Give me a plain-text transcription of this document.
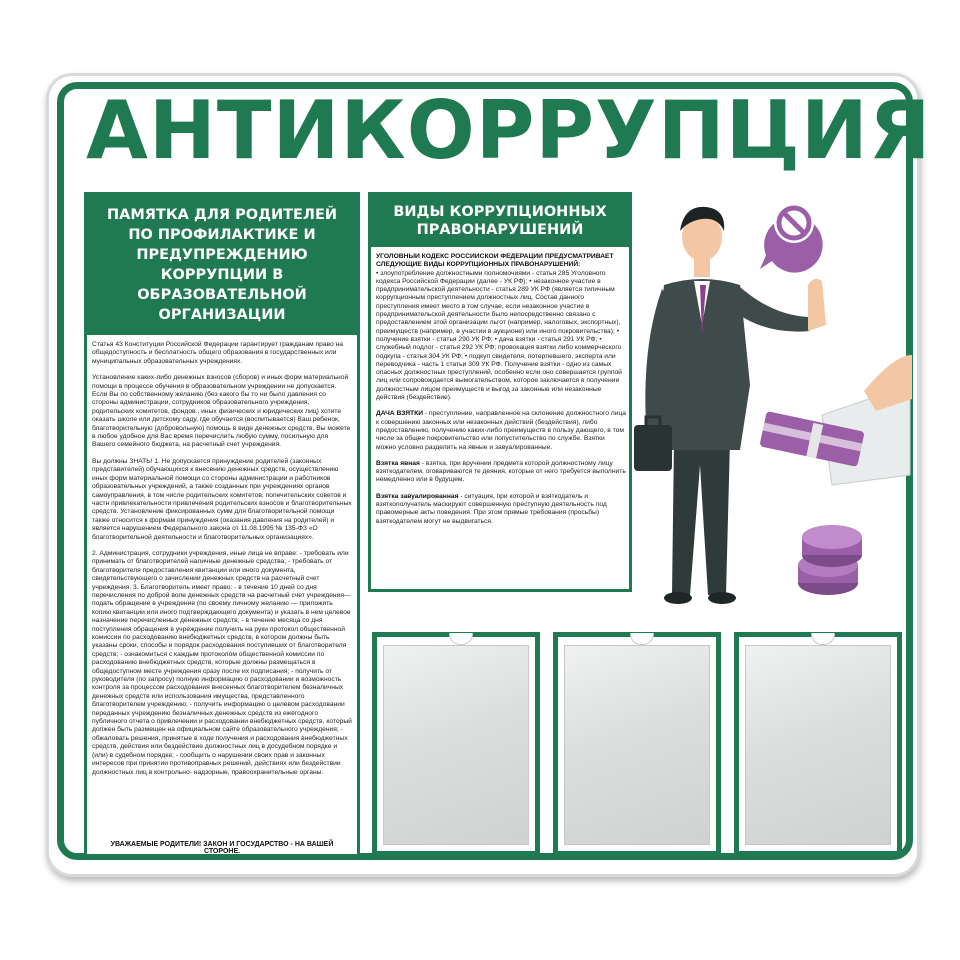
АНТИКОРРУПЦИЯ
ПАМЯТКА ДЛЯ РОДИТЕЛЕЙ ПО ПРОФИЛАКТИКЕ И ПРЕДУПРЕЖДЕНИЮ КОРРУПЦИИ В ОБРАЗОВАТЕЛЬНОЙ ОРГАНИЗАЦИИ

Статья 43 Конституции Российской Федерации гарантирует гражданам право на общедоступность и бесплатность общего образования в государственных или муниципальных образовательных учреждениях.

Установление каких-либо денежных взносов (сборов) и иных форм материальной помощи в процессе обучения в образовательном учреждении не допускается. Если Вы по собственному желанию (без какого бы то ни было давления со стороны администрации, сотрудников образовательного учреждения, родительских комитетов, фондов., иных физических и юридических лиц) хотите оказать школе или детскому саду, где обучается (воспитывается) Ваш ребенок, благотворительную (добровольную) помощь в виде денежных средств, Вы можете в любое удобное для Вас время перечислить любую сумму, посильную для Вашего семейного бюджета, на расчетный счет учреждения.

Вы должны ЗНАТЬ! 1. Не допускается принуждение родителей (законных представителей) обучающихся к внесению денежных средств, осуществлению иных форм материальной помощи со стороны администрации и работников образовательных учреждений, а также созданных при учреждениях органов самоуправления, в том числе родительских комитетов, попечительских советов и частн привлекательности привлечения родительских взносов и благотворительных средств. Установление фиксированных сумм для благотворительной помощи также относится к формам принуждения (оказания давления на родителей) и является нарушением Федерального закона от 11.08.1995 № 135-ФЗ «О благотворительной деятельности и благотворительных организациях».

2. Администрация, сотрудники учреждения, иные лица не вправе: - требовать или принимать от благотворителей наличные денежные средства; - требовать от благотворителя предоставления квитанции или иного документа, свидетельствующего о зачислении денежных средств на расчетный счет учреждения. 3. Благотворитель имеет право: - в течение 10 дней со дня перечисления по доброй воле денежных средств на расчетный счет учреждения—подать обращение в учреждение (по своему личному желанию — приложить копию квитанции или иного подтверждающего документа) и указать в нем целевое назначение перечисленных денежных средств; - в течение месяца со дня поступления обращения в учреждение получить на руки протокол общественной комиссии по расходованию внебюджетных средств, в котором должны быть указаны сроки, способы и порядок расходования поступивших от благотворителя средств; - ознакомиться с каждым протоколом общественной комиссии по расходованию внебюджетных средств, которые должны размещаться в общедоступном месте учреждения сразу после их подписания; - получить от руководителя (по запросу) полную информацию о расходовании и возможность контроля за процессом расходования внесенных благотворителем безналичных денежных средств или использования имущества, представленного благотворителем учреждению; - получить информацию о целевом расходовании переданных учреждению безналичных денежных средств из ежегодного публичного отчета о привлечении и расходовании внебюджетных средств, который должен быть размещен на официальном сайте образовательного учреждения; - обжаловать решения, принятые в ходе получения и расходования внебюджетных средств, действия или бездействие должностных лиц в досудебном порядке и (или) в судебном порядке; - сообщить о нарушении своих прав и законных интересов при принятии противоправных решений, действиях или бездействии должностных лиц в контрольно- надзорные, правоохранительные органы.

УВАЖАЕМЫЕ РОДИТЕЛИ! ЗАКОН И ГОСУДАРСТВО - НА ВАШЕЙ СТОРОНЕ.
ВИДЫ КОРРУПЦИОННЫХ ПРАВОНАРУШЕНИЙ

УГОЛОВНЫЙ КОДЕКС РОССИЙСКОЙ ФЕДЕРАЦИИ ПРЕДУСМАТРИВАЕТ СЛЕДУЮЩИЕ ВИДЫ КОРРУПЦИОННЫХ ПРАВОНАРУШЕНИЙ:
• злоупотребление должностными полномочиями - статья 285 Уголовного кодекса Российской Федерации (далее - УК РФ); • незаконное участие в предпринимательской деятельности - статья 289 УК РФ (является типичным коррупционным преступлением должностных лиц. Состав данного преступления имеет место в том случае, если незаконное участие в предпринимательской деятельности было непосредственно связано с предоставлением этой организации льгот (например, налоговых, экспортных), преимуществ (например, в участии в аукционе) или иного покровительства); • получение взятки - статья 290 УК РФ; • дача взятки - статья 291 УК РФ; • служебный подлог - статья 292 УК РФ; провокация взятки либо коммерческого подкупа - статья 304 УК РФ; • подкуп свидетеля, потерпевшего, эксперта или переводчика - часть 1 статьи 309 УК РФ. Получение взятки - одно из самых опасных должностных преступлений, особенно если оно совершается группой лиц или сопровождается вымогательством, которое заключается в получении должностным лицом преимуществ и выгод за законные или незаконные действия (бездействие).

ДАЧА ВЗЯТКИ - преступление, направленное на склонение должностного лица к совершению законных или незаконных действий (бездействия), либо предоставлению, получению каких-либо преимуществ в пользу дающего, в том числе за общее покровительство или попустительство по службе. Взятки можно условно разделить на явные и завуалированные.

Взятка явная - взятка, при вручении предмета которой должностному лицу взяткодателем, оговариваются те деяния, которые от него требуется выполнить немедленно или в будущем.

Взятка завуалированная - ситуация, при которой и взяткодатель и взяткополучатель маскируют совершенную преступную деятельность под правомерные акты поведения. При этом прямые требования (просьбы) взяткодателем могут не выдвигаться.
